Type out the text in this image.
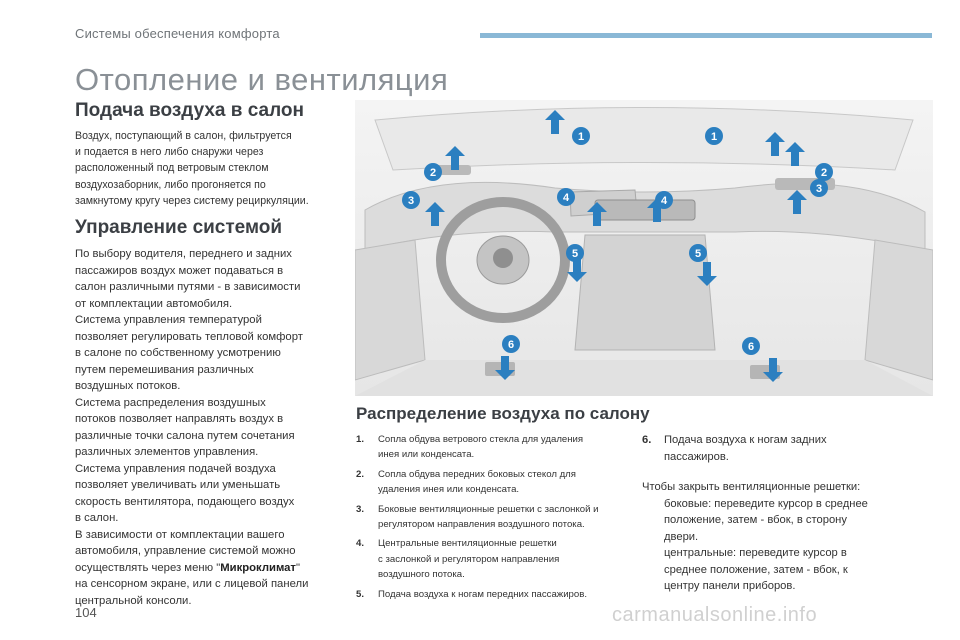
Системы обеспечения комфорта
Отопление и вентиляция
Подача воздуха в салон
Воздух, поступающий в салон, фильтруется
и подается в него либо снаружи через
расположенный под ветровым стеклом
воздухозаборник, либо прогоняется по
замкнутому кругу через систему рециркуляции.
Управление системой

По выбору водителя, переднего и задних

пассажиров воздух может подаваться в

салон различными путями - в зависимости

от комплектации автомобиля.

Система управления температурой

позволяет регулировать тепловой комфорт

в салоне по собственному усмотрению

путем перемешивания различных

воздушных потоков.

Система распределения воздушных

потоков позволяет направлять воздух в

различные точки салона путем сочетания

различных элементов управления.

Система управления подачей воздуха

позволяет увеличивать или уменьшать

скорость вентилятора, подающего воздух

в салон.

В зависимости от комплектации вашего

автомобиля, управление системой можно

осуществлять через меню "Микроклимат"

на сенсорном экране, или с лицевой панели

центральной консоли.

1	1
2	2
3
3
4	4
5	5
6	6
Распределение воздуха по салону
1.	Сопла обдува ветрового стекла для удаления
инея или конденсата.
2.	Сопла обдува передних боковых стекол для
удаления инея или конденсата.
3.	Боковые вентиляционные решетки с заслонкой и
регулятором направления воздушного потока.
4.	Центральные вентиляционные решетки
с заслонкой и регулятором направления
воздушного потока.
5.	Подача воздуха к ногам передних пассажиров.
6.	Подача воздуха к ногам задних
пассажиров.
Чтобы закрыть вентиляционные решетки:
боковые: переведите курсор в среднее
положение, затем - вбок, в сторону
двери.
центральные: переведите курсор в
среднее положение, затем - вбок, к
центру панели приборов.
104	carmanualsonline.info
